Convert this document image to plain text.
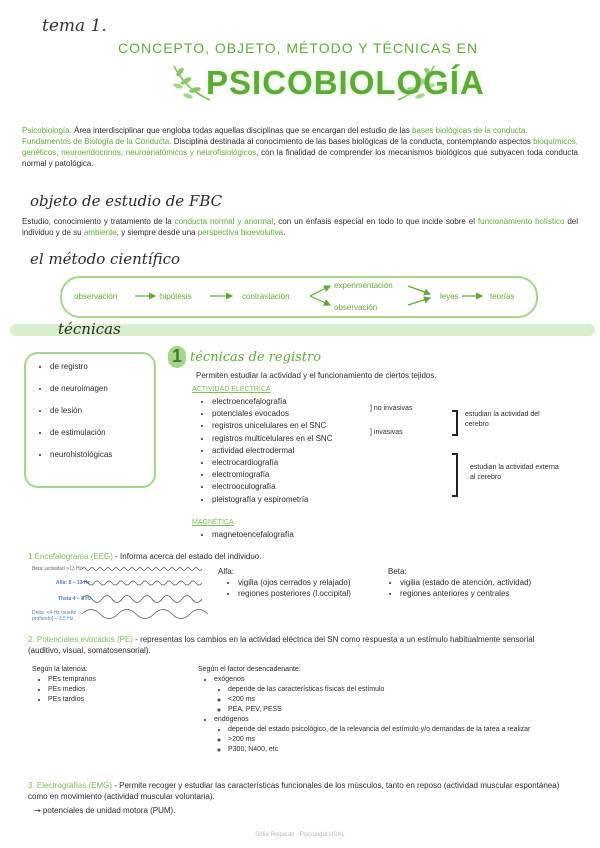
tema 1.
CONCEPTO, OBJETO, MÉTODO Y TÉCNICAS EN
PSICOBIOLOGÍA
Psicobiología. Área interdisciplinar que engloba todas aquellas disciplinas que se encargan del estudio de las bases biológicas de la conducta.
Fundamentos de Biología de la Conducta. Disciplina destinada al conocimiento de las bases biológicas de la conducta, contemplando aspectos bioquímicos, genéticos, neuroendocrinos, neuroanatómicos y neurofisiológicos, con la finalidad de comprender los mecanismos biológicos que subyacen toda conducta normal y patológica.
objeto de estudio de FBC
Estudio, conocimiento y tratamiento de la conducta normal y anormal, con un énfasis especial en todo lo que incide sobre el funcionamiento holístico del individuo y de su ambiente, y siempre desde una perspectiva bioevolutiva.
el método científico
observación	hipótesis	contrastación
experimentación
observación
leyes	teorías
técnicas
• de registro
• de neuroimagen
• de lesión
• de estimulación
• neurohistológicas
1 técnicas de registro
Permiten estudiar la actividad y el funcionamiento de ciertos tejidos.
ACTIVIDAD ELÉCTRICA
• electroencefalografía
• potenciales evocados
• registros unicelulares en el SNC
• registros multicelulares en el SNC
• actividad electrodermal
• electrocardiografía
• electromiografía
• electrooculografía
• pleistografía y espirometría
] no invasivas
] invasivas
estudian la actividad del cerebro
estudian la actividad externa al cerebro
MAGNÉTICA
• magnetoencefalografía
1.Encefalograma (EEG) - Informa acerca del estado del individuo.
Beta: actividad >13 Hz
Alfa: 8 – 13 Hz
Theta 4 – 8 Hz
Delta: <4 Hz (sueño profundo) – 3.5 Hz
Alfa:
• vigilia (ojos cerrados y relajado)
• regiones posteriores (l.occipital)
Beta:
• vigilia (estado de atención, actividad)
• regiones anteriores y centrales
2. Potenciales evocados (PE) - representas los cambios en la actividad eléctrica del SN como respuesta a un estímulo habitualmente sensorial (auditivo, visual, somatosensorial).
Según la latencia:
• PEs tempranos
• PEs medios
• PEs tardíos
Según el factor desencadenante:
• exógenos
• depende de las características físicas del estímulo
◦ <200 ms
◦ PEA, PEV, PESS
• endógenos
• depende del estado psicológico, de la relevancia del estímulo y/o demandas de la tarea a realizar
◦ >200 ms
◦ P300, N400, etc
3. Electrografías (EMG) - Permite recoger y estudiar las características funcionales de los músculos, tanto en reposo (actividad muscular espontánea) como en movimiento (actividad muscular voluntaria).
➞ potenciales de unidad motora (PUM).
Sofia Regacan - Psicología USAL
